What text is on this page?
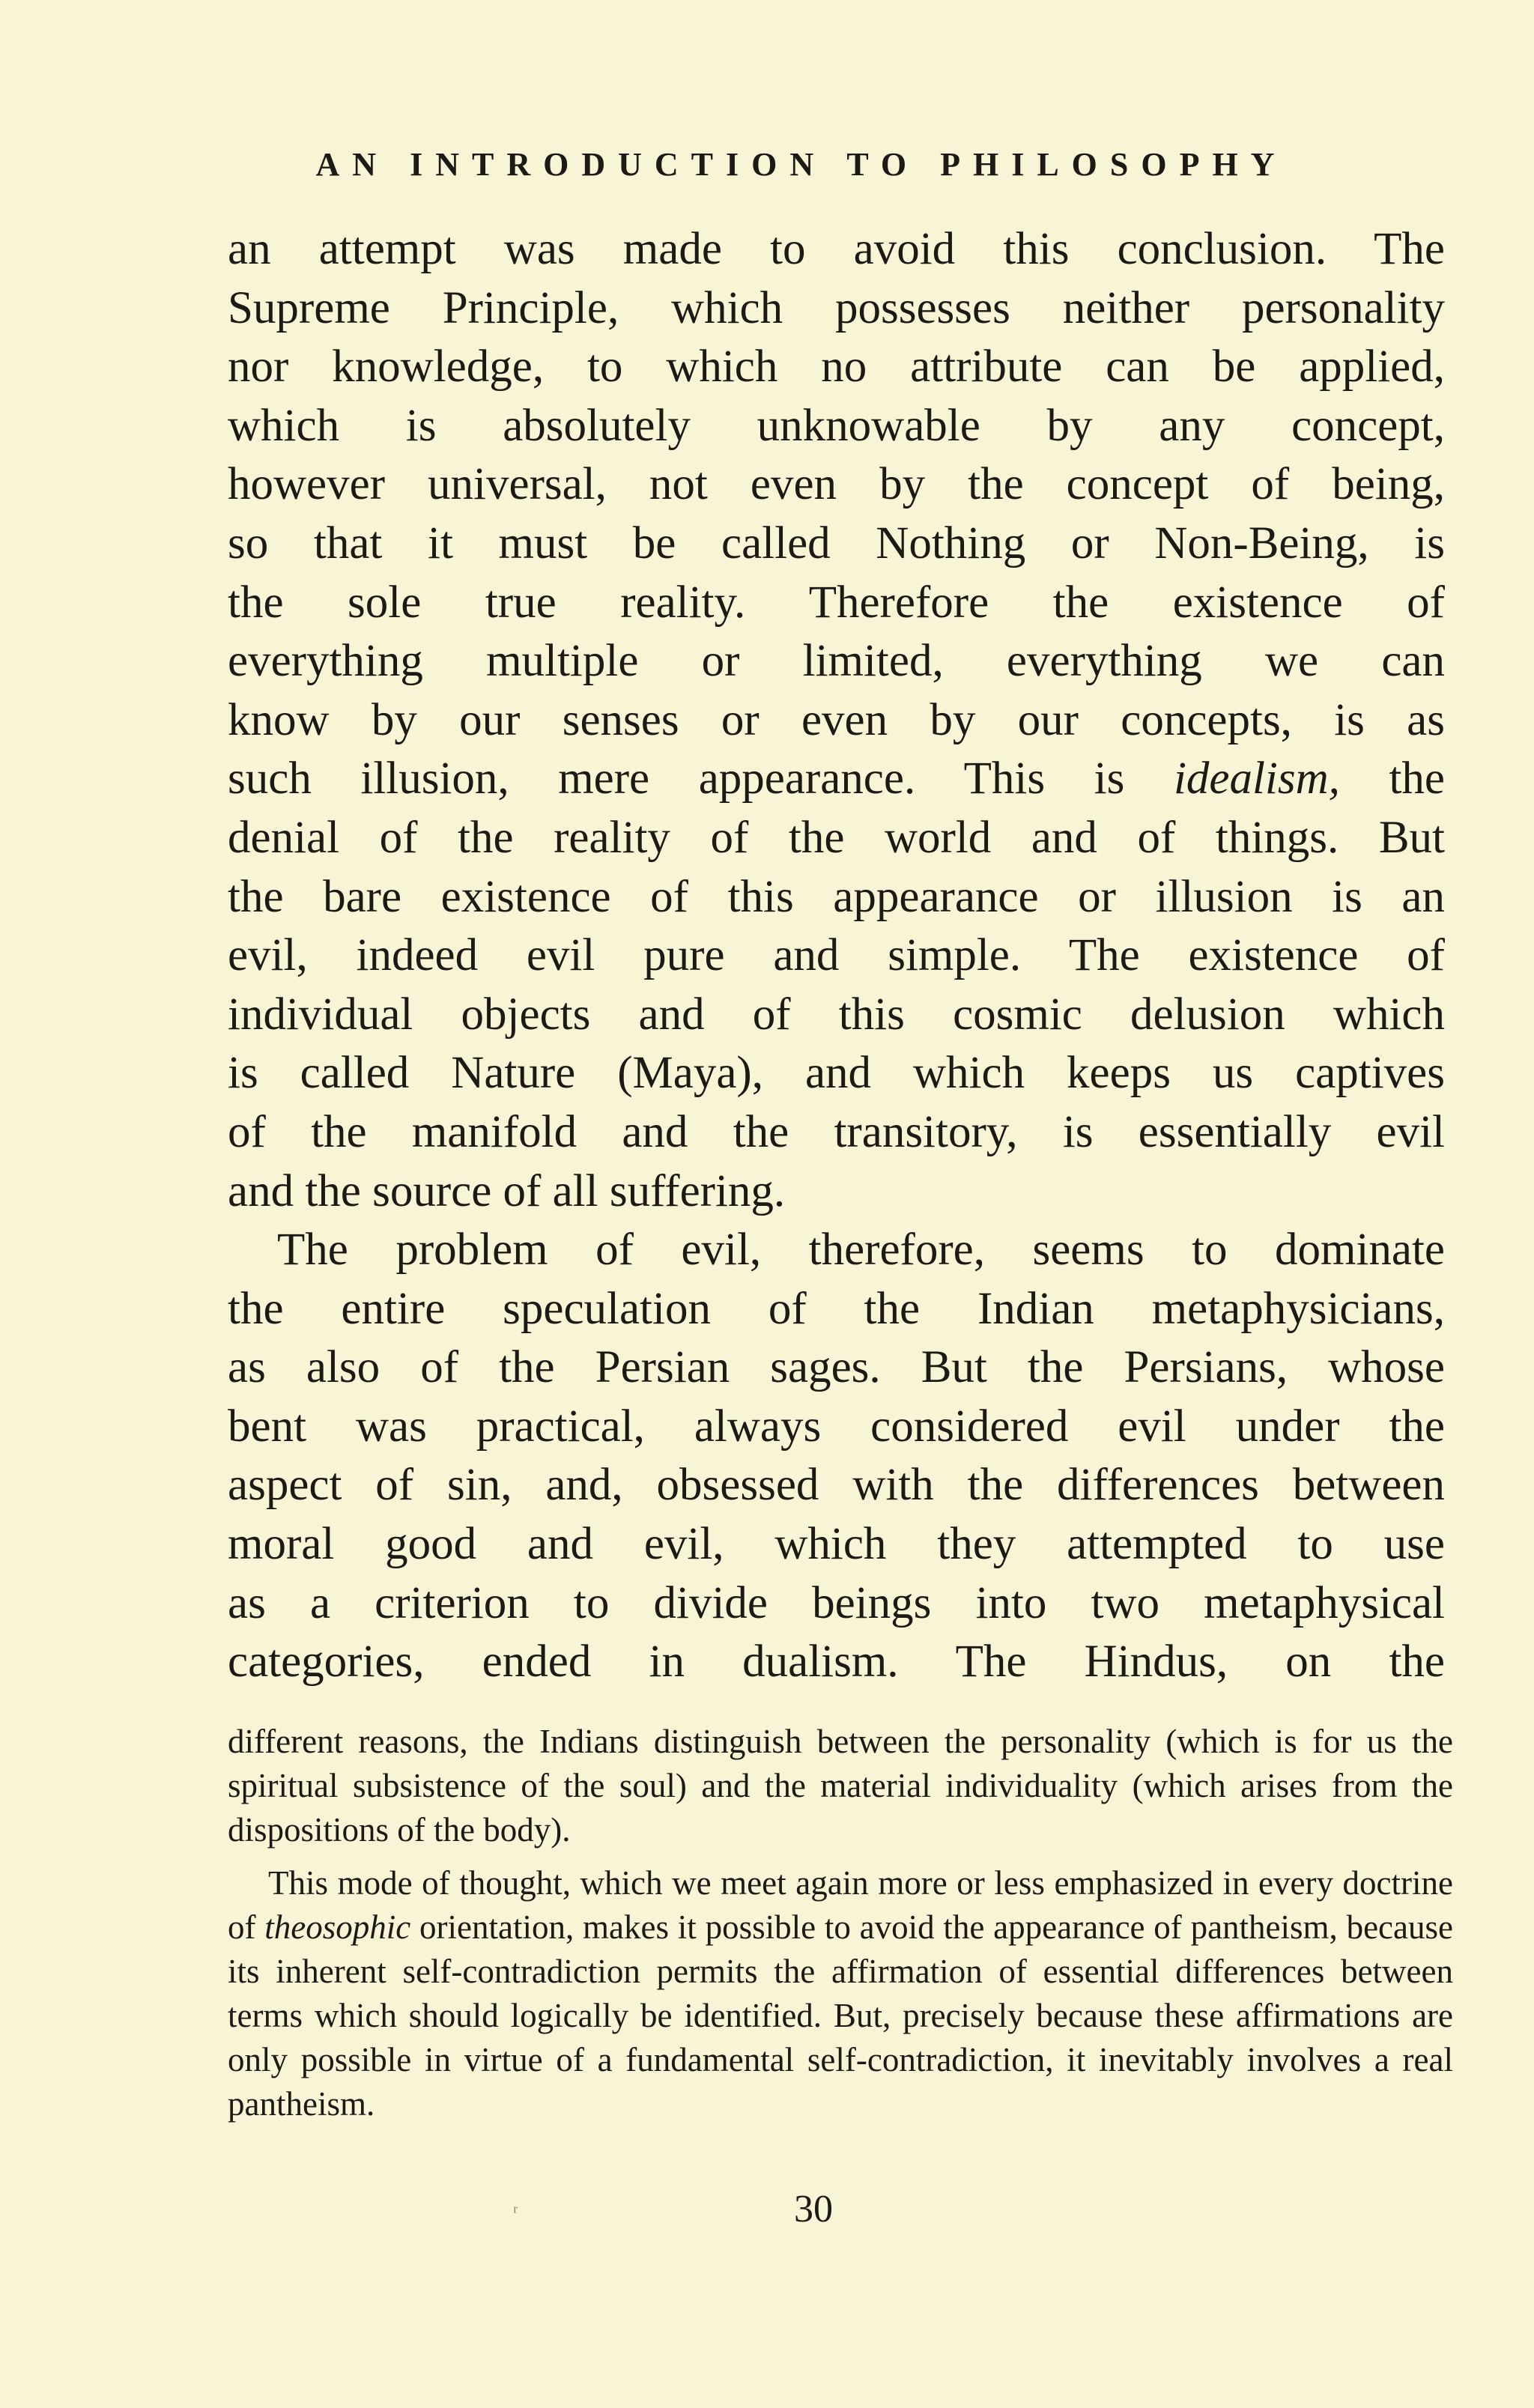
AN INTRODUCTION TO PHILOSOPHY

an attempt was made to avoid this conclusion. The

Supreme Principle, which possesses neither personality

nor knowledge, to which no attribute can be applied,

which is absolutely unknowable by any concept,

however universal, not even by the concept of being,

so that it must be called Nothing or Non-Being, is

the sole true reality. Therefore the existence of

everything multiple or limited, everything we can

know by our senses or even by our concepts, is as

such illusion, mere appearance. This is idealism, the

denial of the reality of the world and of things. But

the bare existence of this appearance or illusion is an

evil, indeed evil pure and simple. The existence of

individual objects and of this cosmic delusion which

is called Nature (Maya), and which keeps us captives

of the manifold and the transitory, is essentially evil

and the source of all suffering.

The problem of evil, therefore, seems to dominate

the entire speculation of the Indian metaphysicians,

as also of the Persian sages. But the Persians, whose

bent was practical, always considered evil under the

aspect of sin, and, obsessed with the differences between

moral good and evil, which they attempted to use

as a criterion to divide beings into two metaphysical

categories, ended in dualism. The Hindus, on the

different reasons, the Indians distinguish between the personality (which is for us the spiritual subsistence of the soul) and the material individuality (which arises from the dispositions of the body).

This mode of thought, which we meet again more or less emphasized in every doctrine of theosophic orientation, makes it possible to avoid the appearance of pantheism, because its inherent self-contradiction permits the affirmation of essential differences between terms which should logically be identified. But, precisely because these affirmations are only possible in virtue of a fundamental self-contradiction, it inevitably involves a real pantheism.

ʳ	30
